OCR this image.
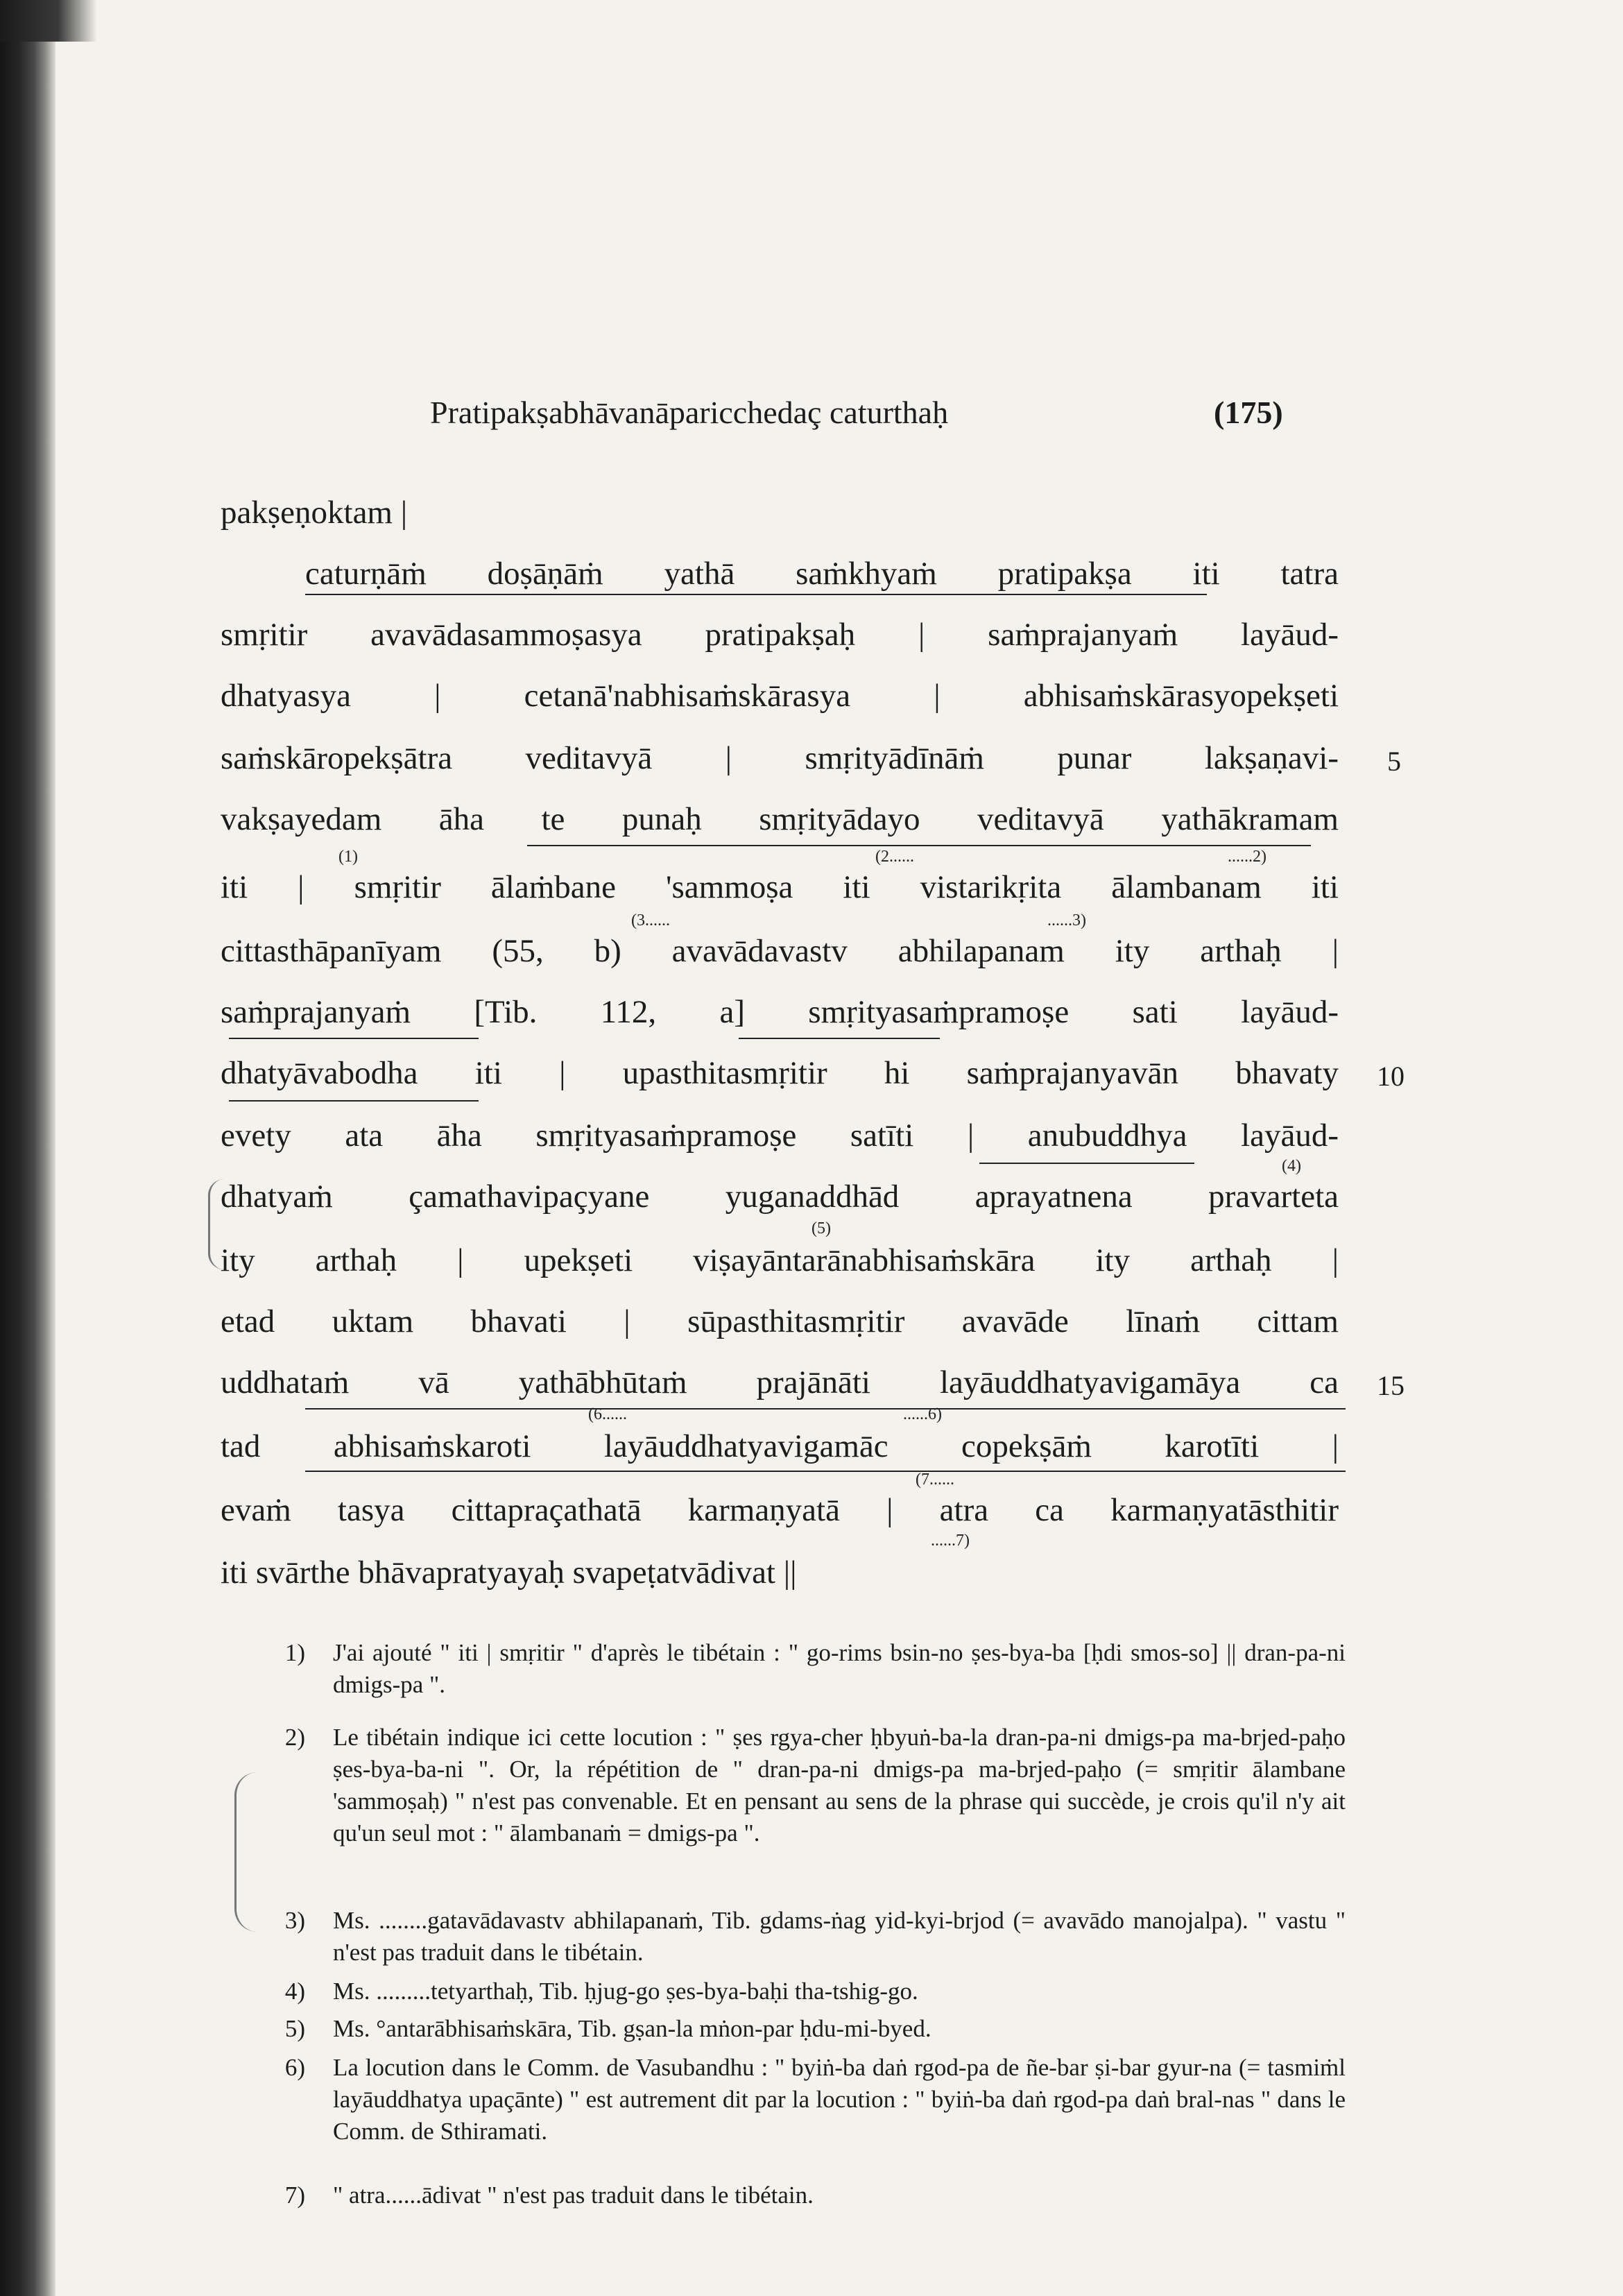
Pratipakṣabhāvanāparicchedaç caturthaḥ	(175)
pakṣeṇoktam |
caturṇāṁ doṣāṇāṁ yathā saṁkhyaṁ pratipakṣa iti tatra
smṛitir avavādasammoṣasya pratipakṣaḥ | saṁprajanyaṁ layāud-
dhatyasya | cetanā'nabhisaṁskārasya | abhisaṁskārasyopekṣeti
saṁskāropekṣātra veditavyā | smṛityādīnāṁ punar lakṣaṇavi-
vakṣayedam āha te punaḥ smṛityādayo veditavyā yathākramam
iti | smṛitir ālaṁbane 'sammoṣa iti vistarikṛita ālambanam iti
cittasthāpanīyam (55, b) avavādavastv abhilapanam ity arthaḥ |
saṁprajanyaṁ [Tib. 112, a] smṛityasaṁpramoṣe sati layāud-
dhatyāvabodha iti | upasthitasmṛitir hi saṁprajanyavān bhavaty
evety ata āha smṛityasaṁpramoṣe satīti | anubuddhya layāud-
dhatyaṁ çamathavipaçyane yuganaddhād aprayatnena pravarteta
ity arthaḥ | upekṣeti viṣayāntarānabhisaṁskāra ity arthaḥ |
etad uktam bhavati | sūpasthitasmṛitir avavāde līnaṁ cittam
uddhataṁ vā yathābhūtaṁ prajānāti layāuddhatyavigamāya ca
tad abhisaṁskaroti layāuddhatyavigamāc copekṣāṁ karotīti |
evaṁ tasya cittapraçathatā karmaṇyatā | atra ca karmaṇyatāsthitir
iti svārthe bhāvapratyayaḥ svapeṭatvādivat ||
(1)	(2......	......2)
(3......	......3)
(4)
(5)
(6......	......6)
(7......
......7)
5
10
15
1) J'ai ajouté " iti | smṛitir " d'après le tibétain : " go-rims bsin-no ṣes-bya-ba [ḥdi smos-so] || dran-pa-ni dmigs-pa ".
2) Le tibétain indique ici cette locution : " ṣes rgya-cher ḥbyuṅ-ba-la dran-pa-ni dmigs-pa ma-brjed-paḥo ṣes-bya-ba-ni ". Or, la répétition de " dran-pa-ni dmigs-pa ma-brjed-paḥo (= smṛitir ālambane 'sammoṣaḥ) " n'est pas convenable. Et en pensant au sens de la phrase qui succède, je crois qu'il n'y ait qu'un seul mot : " ālambanaṁ = dmigs-pa ".
3) Ms. ........gatavādavastv abhilapanaṁ, Tib. gdams-ṅag yid-kyi-brjod (= avavādo manojalpa). " vastu " n'est pas traduit dans le tibétain.
4) Ms. .........tetyarthaḥ, Tib. ḥjug-go ṣes-bya-baḥi tha-tshig-go.
5) Ms. °antarābhisaṁskāra, Tib. gṣan-la mṅon-par ḥdu-mi-byed.
6) La locution dans le Comm. de Vasubandhu : " byiṅ-ba daṅ rgod-pa de ñe-bar ṣi-bar gyur-na (= tasmiṁl layāuddhatya upaçānte) " est autrement dit par la locution : " byiṅ-ba daṅ rgod-pa daṅ bral-nas " dans le Comm. de Sthiramati.
7) " atra......ādivat " n'est pas traduit dans le tibétain.
